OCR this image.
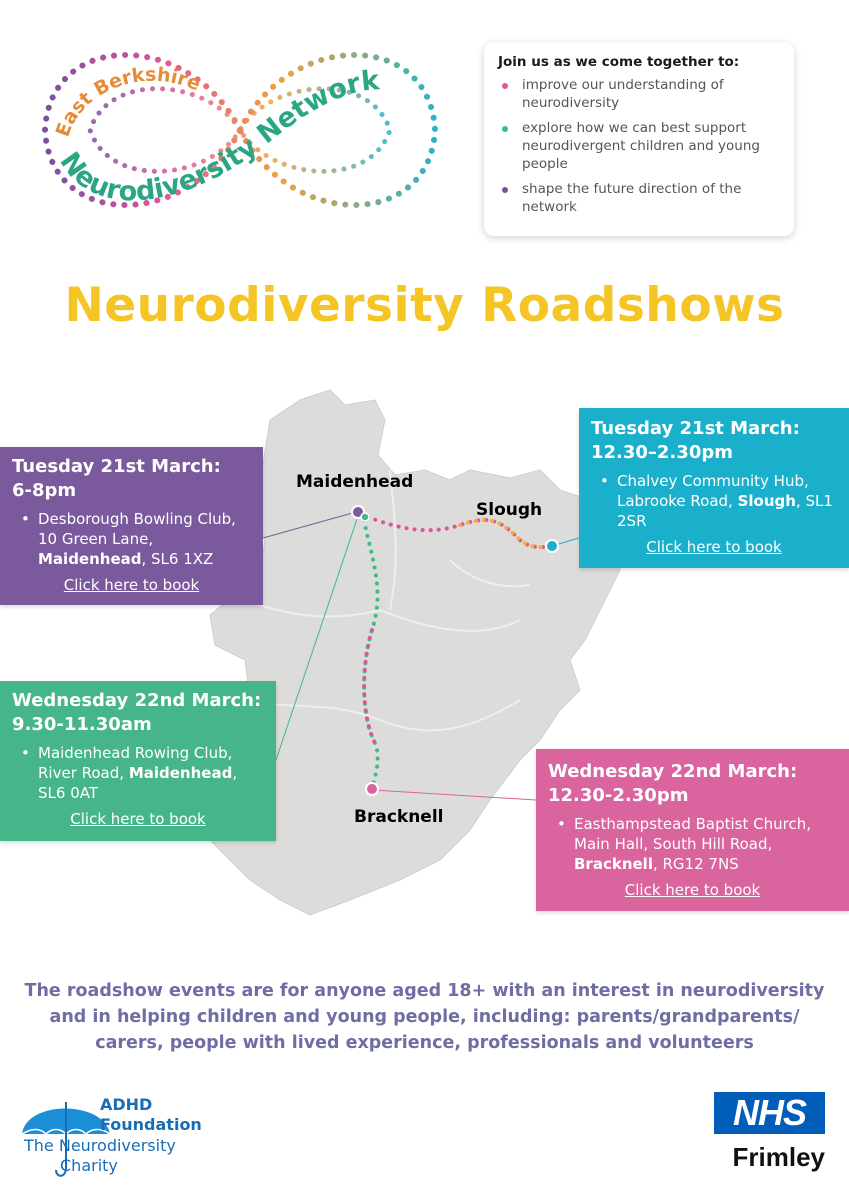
East Berkshire
Neurodiversity Network
Join us as we come together to:
improve our understanding of neurodiversity
explore how we can best support neurodivergent children and young people
shape the future direction of the network
Neurodiversity Roadshows
Maidenhead
Slough
Bracknell
Tuesday 21st March:
6-8pm
• Desborough Bowling Club, 10 Green Lane, Maidenhead, SL6 1XZ
Click here to book
Tuesday 21st March:
12.30–2.30pm
• Chalvey Community Hub, Labrooke Road, Slough, SL1 2SR
Click here to book
Wednesday 22nd March:
9.30-11.30am
• Maidenhead Rowing Club, River Road, Maidenhead, SL6 0AT
Click here to book
Wednesday 22nd March:
12.30-2.30pm
• Easthampstead Baptist Church, Main Hall, South Hill Road, Bracknell, RG12 7NS
Click here to book
The roadshow events are for anyone aged 18+ with an interest in neurodiversity and in helping children and young people, including: parents/grandparents/ carers, people with lived experience, professionals and volunteers
ADHD
Foundation
The Neurodiversity
Charity
NHS
Frimley
